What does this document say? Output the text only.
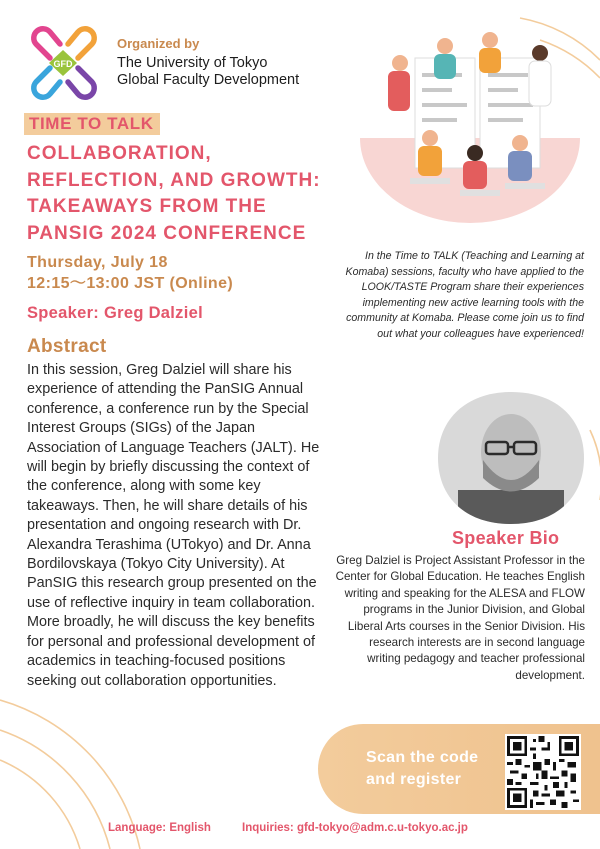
GFD
Organized by
The University of Tokyo
Global Faculty Development
TIME TO TALK
COLLABORATION,
REFLECTION, AND GROWTH:
TAKEAWAYS FROM THE
PANSIG 2024 CONFERENCE
Thursday, July 18
12:15〜13:00 JST (Online)
Speaker: Greg Dalziel
Abstract
In this session, Greg Dalziel will share his experience of attending the PanSIG Annual conference, a conference run by the Special Interest Groups (SIGs) of the Japan Association of Language Teachers (JALT). He will begin by briefly discussing the context of the conference, along with some key takeaways. Then, he will share details of his presentation and ongoing research with Dr. Alexandra Terashima (UTokyo) and Dr. Anna Bordilovskaya (Tokyo City University). At PanSIG this research group presented on the use of reflective inquiry in team collaboration. More broadly, he will discuss the key benefits for personal and professional development of academics in teaching-focused positions seeking out collaboration opportunities.
In the Time to TALK (Teaching and Learning at Komaba) sessions, faculty who have applied to the LOOK/TASTE Program share their experiences implementing new active learning tools with the community at Komaba. Please come join us to find out what your colleagues have experienced!
Speaker Bio
Greg Dalziel is Project Assistant Professor in the Center for Global Education. He teaches English writing and speaking for the ALESA and FLOW programs in the Junior Division, and Global Liberal Arts courses in the Senior Division. His research interests are in second language writing pedagogy and teacher professional development.
Scan the code
and register
Language: English	Inquiries: gfd-tokyo@adm.c.u-tokyo.ac.jp
